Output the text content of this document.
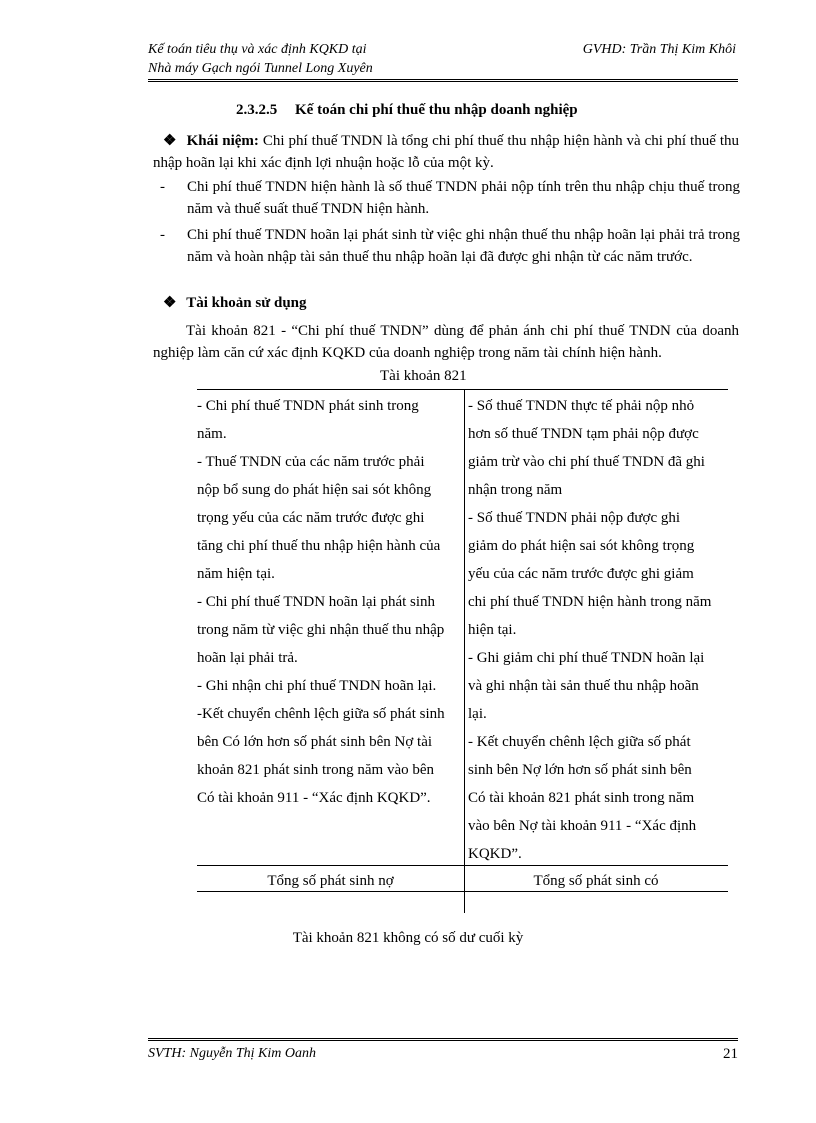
Kế toán tiêu thụ và xác định KQKD tại
Nhà máy Gạch ngói Tunnel Long Xuyên
GVHD: Trần Thị Kim Khôi
2.3.2.5 Kế toán chi phí thuế thu nhập doanh nghiệp
❖ Khái niệm: Chi phí thuế TNDN là tổng chi phí thuế thu nhập hiện hành và chi phí thuế thu nhập hoãn lại khi xác định lợi nhuận hoặc lỗ của một kỳ.
- Chi phí thuế TNDN hiện hành là số thuế TNDN phải nộp tính trên thu nhập chịu thuế trong năm và thuế suất thuế TNDN hiện hành.
- Chi phí thuế TNDN hoãn lại phát sinh từ việc ghi nhận thuế thu nhập hoãn lại phải trả trong năm và hoàn nhập tài sản thuế thu nhập hoãn lại đã được ghi nhận từ các năm trước.
❖ Tài khoản sử dụng
Tài khoản 821 - “Chi phí thuế TNDN” dùng để phản ánh chi phí thuế TNDN của doanh nghiệp làm căn cứ xác định KQKD của doanh nghiệp trong năm tài chính hiện hành.
Tài khoản 821
- Chi phí thuế TNDN phát sinh trong
năm.
- Thuế TNDN của các năm trước phải
nộp bổ sung do phát hiện sai sót không
trọng yếu của các năm trước được ghi
tăng chi phí thuế thu nhập hiện hành của
năm hiện tại.
- Chi phí thuế TNDN hoãn lại phát sinh
trong năm từ việc ghi nhận thuế thu nhập
hoãn lại phải trả.
- Ghi nhận chi phí thuế TNDN hoãn lại.
-Kết chuyển chênh lệch giữa số phát sinh
bên Có lớn hơn số phát sinh bên Nợ tài
khoản 821 phát sinh trong năm vào bên
Có tài khoản 911 - “Xác định KQKD”.
- Số thuế TNDN thực tế phải nộp nhỏ
hơn số thuế TNDN tạm phải nộp được
giảm trừ vào chi phí thuế TNDN đã ghi
nhận trong năm
- Số thuế TNDN phải nộp được ghi
giảm do phát hiện sai sót không trọng
yếu của các năm trước được ghi giảm
chi phí thuế TNDN hiện hành trong năm
hiện tại.
- Ghi giảm chi phí thuế TNDN hoãn lại
và ghi nhận tài sản thuế thu nhập hoãn
lại.
- Kết chuyển chênh lệch giữa số phát
sinh bên Nợ lớn hơn số phát sinh bên
Có tài khoản 821 phát sinh trong năm
vào bên Nợ tài khoản 911 - “Xác định
KQKD”.
Tổng số phát sinh nợ	Tổng số phát sinh có
Tài khoản 821 không có số dư cuối kỳ
SVTH: Nguyễn Thị Kim Oanh	21
